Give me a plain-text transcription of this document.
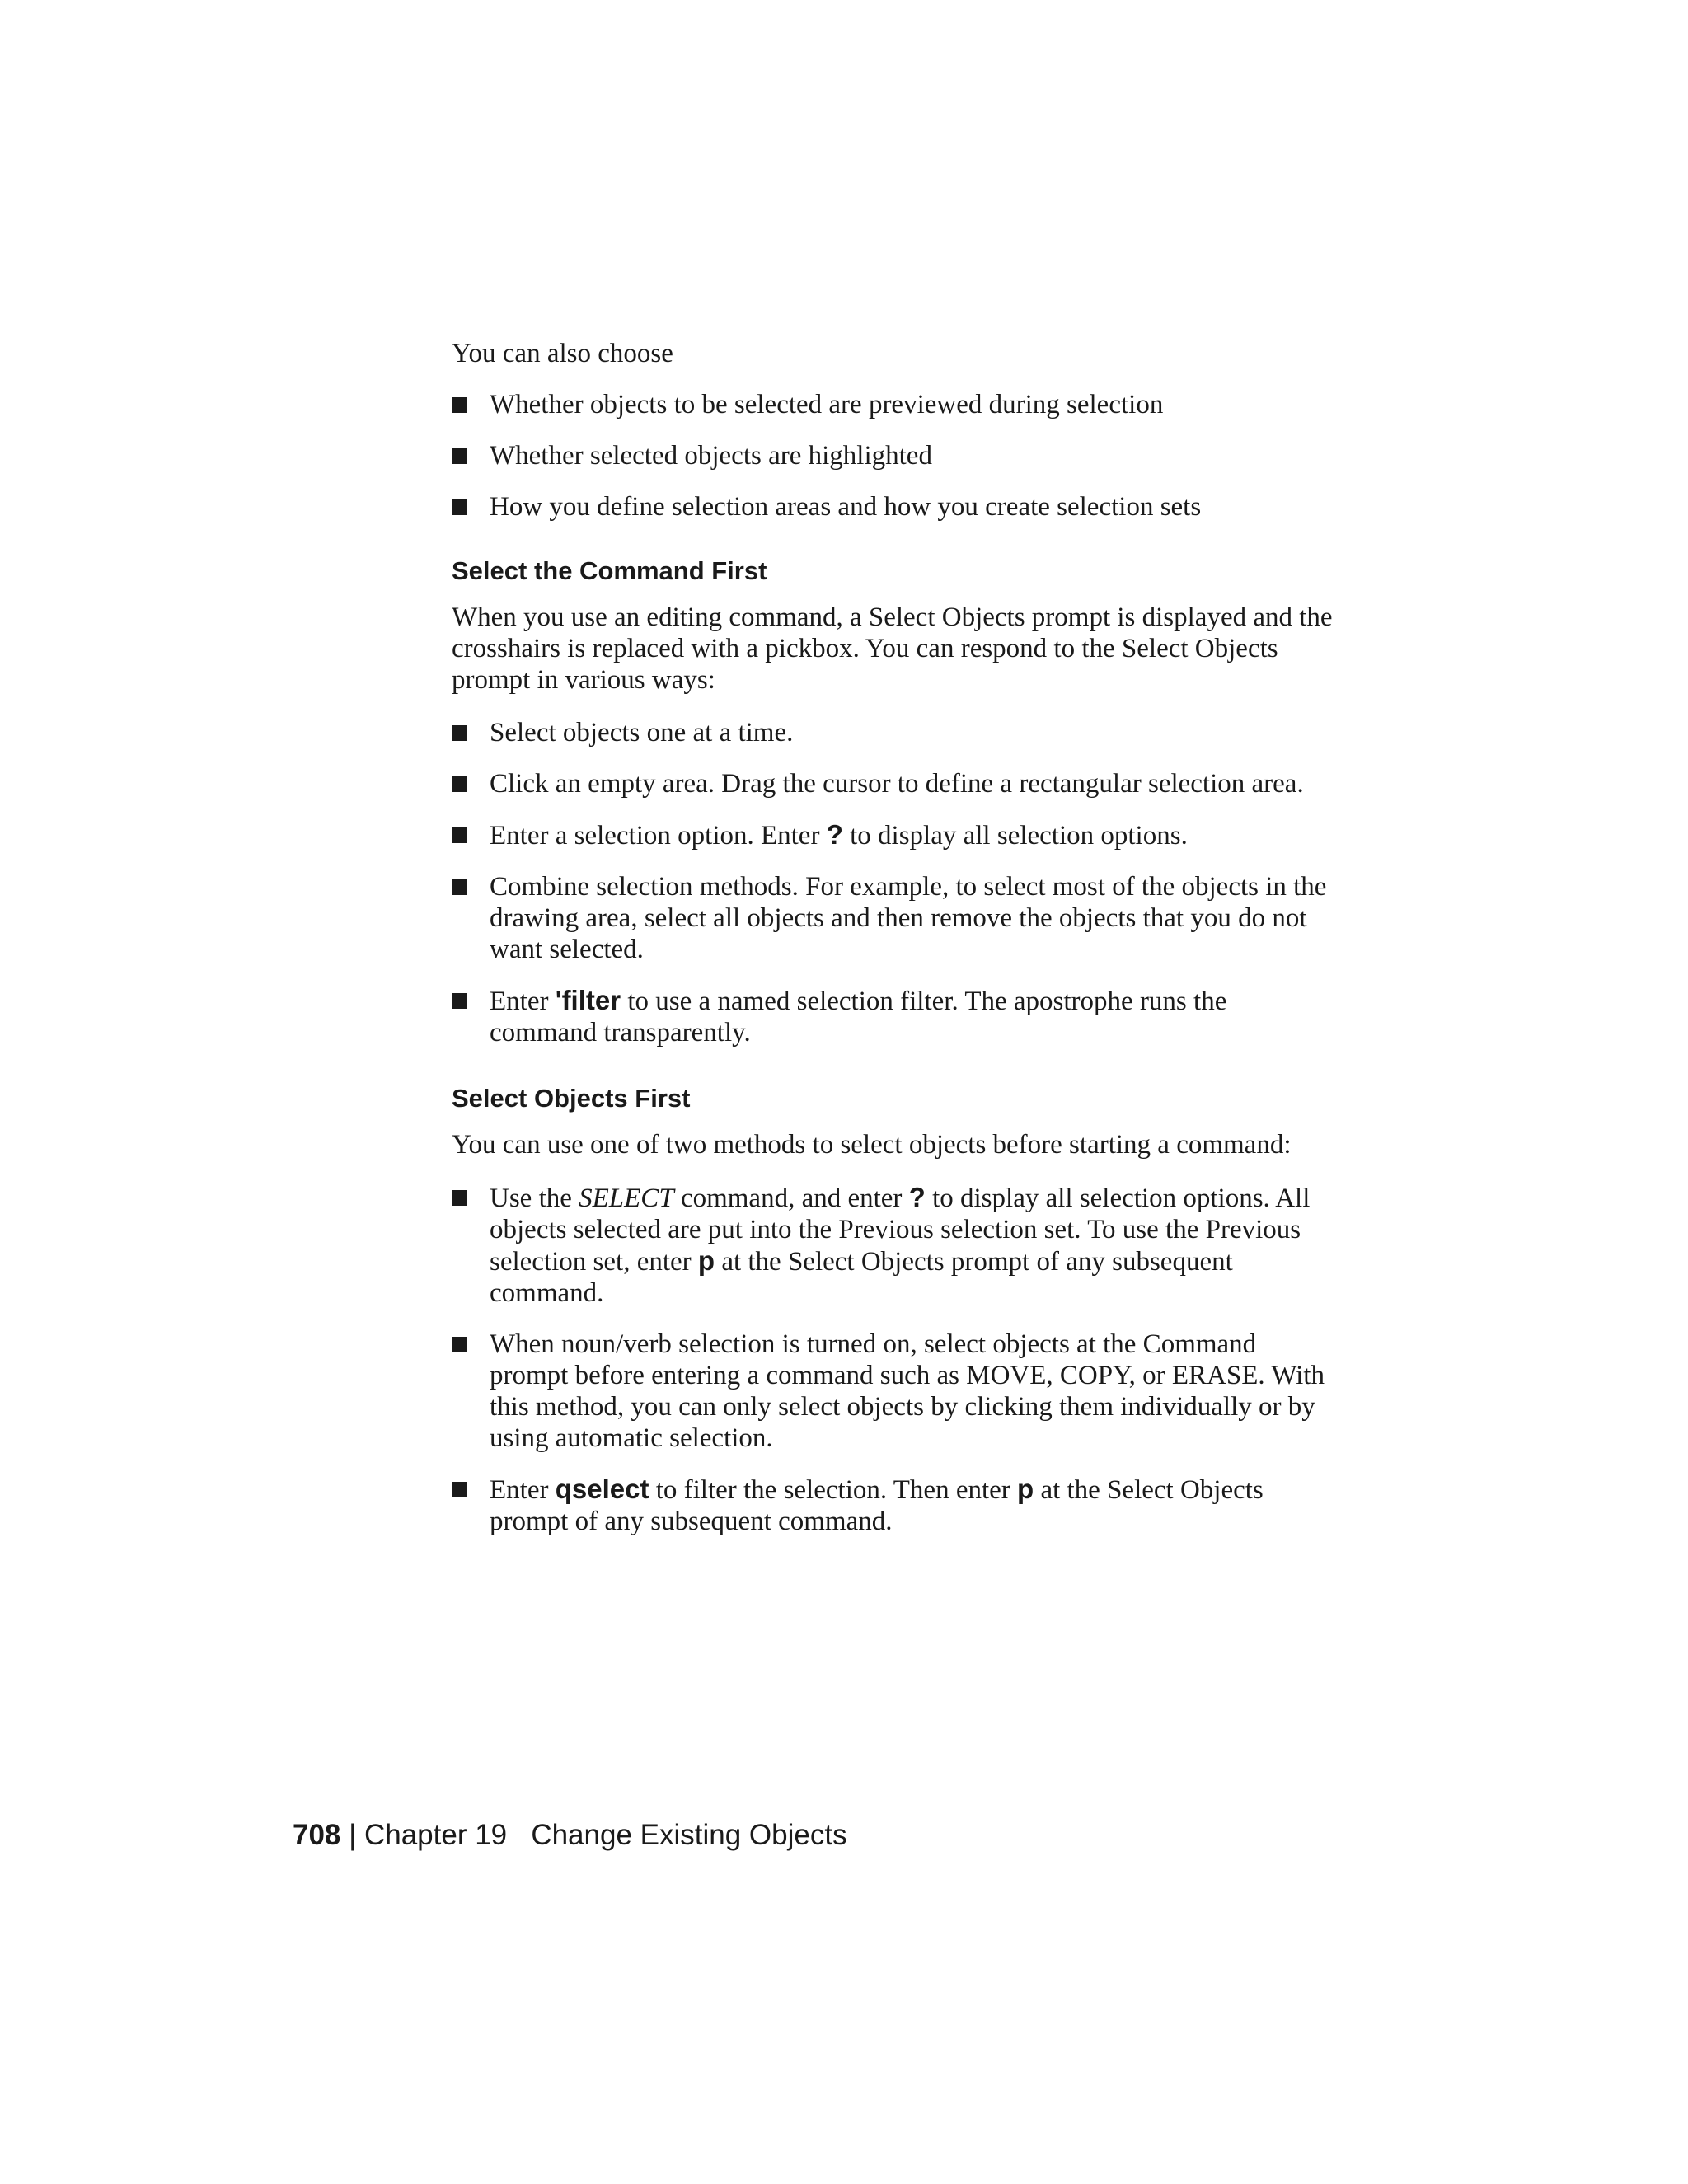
You can also choose

Whether objects to be selected are previewed during selection
Whether selected objects are highlighted
How you define selection areas and how you create selection sets
Select the Command First

When you use an editing command, a Select Objects prompt is displayed and the crosshairs is replaced with a pickbox. You can respond to the Select Objects prompt in various ways:

Select objects one at a time.
Click an empty area. Drag the cursor to define a rectangular selection area.
Enter a selection option. Enter ? to display all selection options.
Combine selection methods. For example, to select most of the objects in the drawing area, select all objects and then remove the objects that you do not want selected.
Enter 'filter to use a named selection filter. The apostrophe runs the command transparently.
Select Objects First

You can use one of two methods to select objects before starting a command:

Use the SELECT command, and enter ? to display all selection options. All objects selected are put into the Previous selection set. To use the Previous selection set, enter p at the Select Objects prompt of any subsequent command.
When noun/verb selection is turned on, select objects at the Command prompt before entering a command such as MOVE, COPY, or ERASE. With this method, you can only select objects by clicking them individually or by using automatic selection.
Enter qselect to filter the selection. Then enter p at the Select Objects prompt of any subsequent command.
708 | Chapter 19 Change Existing Objects
